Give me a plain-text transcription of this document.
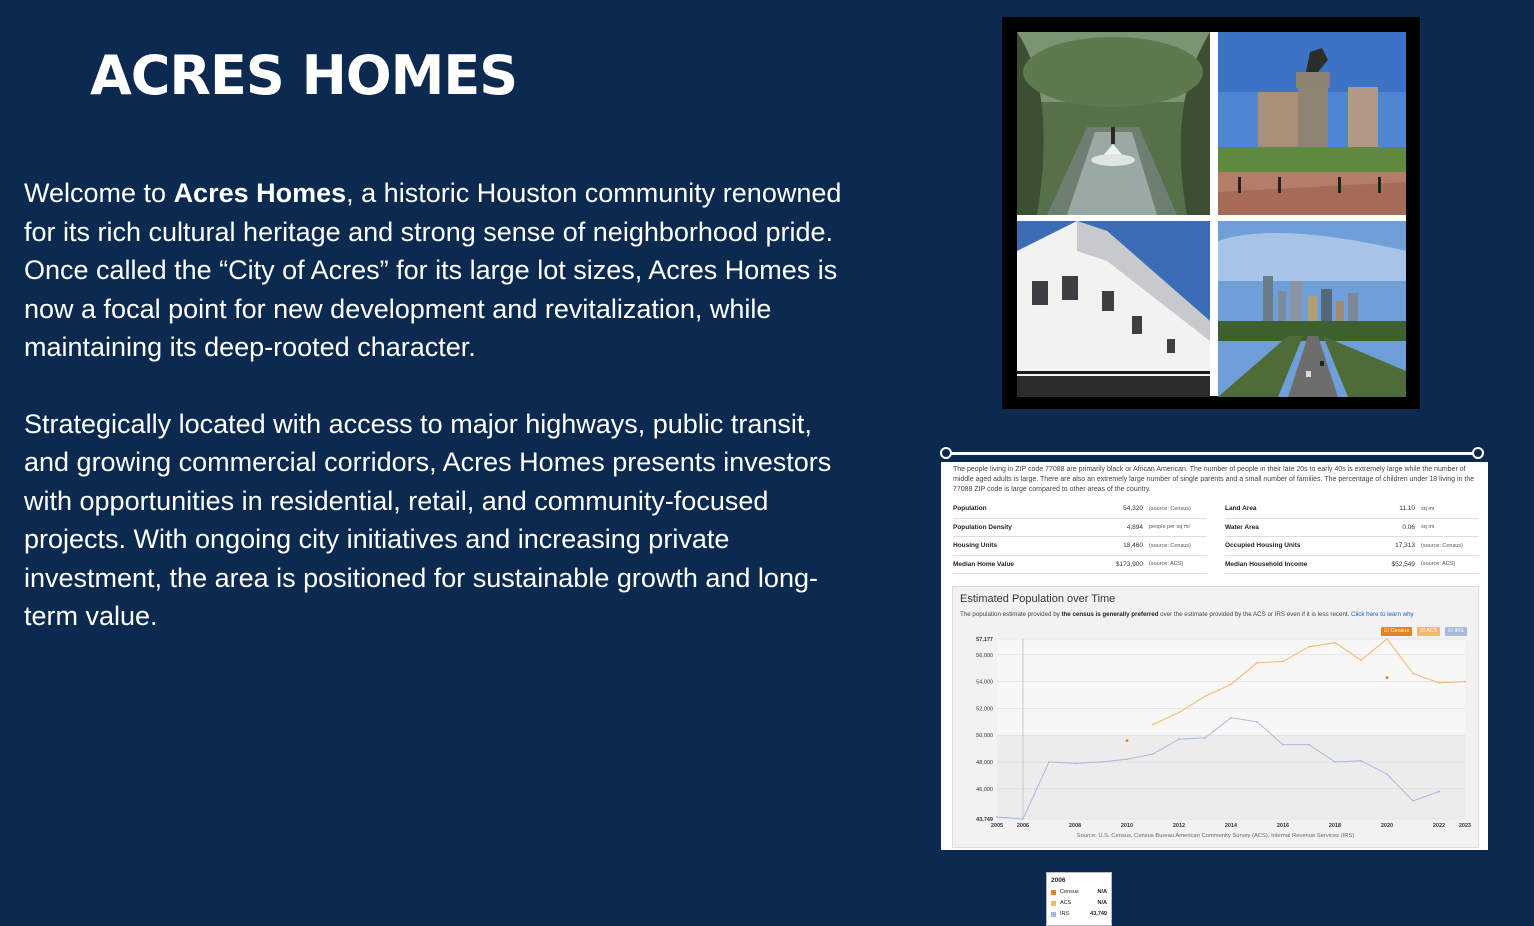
ACRES HOMES

Welcome to Acres Homes, a historic Houston community renowned for its rich cultural heritage and strong sense of neighborhood pride. Once called the “City of Acres” for its large lot sizes, Acres Homes is now a focal point for new development and revitalization, while maintaining its deep-rooted character.

Strategically located with access to major highways, public transit, and growing commercial corridors, Acres Homes presents investors with opportunities in residential, retail, and community-focused projects. With ongoing city initiatives and increasing private investment, the area is positioned for sustainable growth and long-term value.

The people living in ZIP code 77088 are primarily black or African American. The number of people in their late 20s to early 40s is extremely large while the number of middle aged adults is large. There are also an extremely large number of single parents and a small number of families. The percentage of children under 18 living in the 77088 ZIP code is large compared to other areas of the country.
Population	54,320	(source: Census)
Population Density	4,894	people per sq mi
Housing Units	18,460	(source: Census)
Median Home Value	$173,900	(source: ACS)
Land Area	11.10	sq mi
Water Area	0.06	sq mi
Occupied Housing Units	17,313	(source: Census)
Median Household Income	$52,549	(source: ACS)
Estimated Population over Time
The population estimate provided by the census is generally preferred over the estimate provided by the ACS or IRS even if it is less recent. Click here to learn why
☑ Census	☑ ACS	☑ IRS
43,749
46,000
48,000
50,000
52,000
54,000
56,000
57,177
2005	2006	2008	2010	2012	2014	2016	2018	2020	2022	2023
2006
Census	N/A
ACS	N/A
IRS	43,749
Source: U.S. Census, Census Bureau American Community Survey (ACS), Internal Revenue Services (IRS)
